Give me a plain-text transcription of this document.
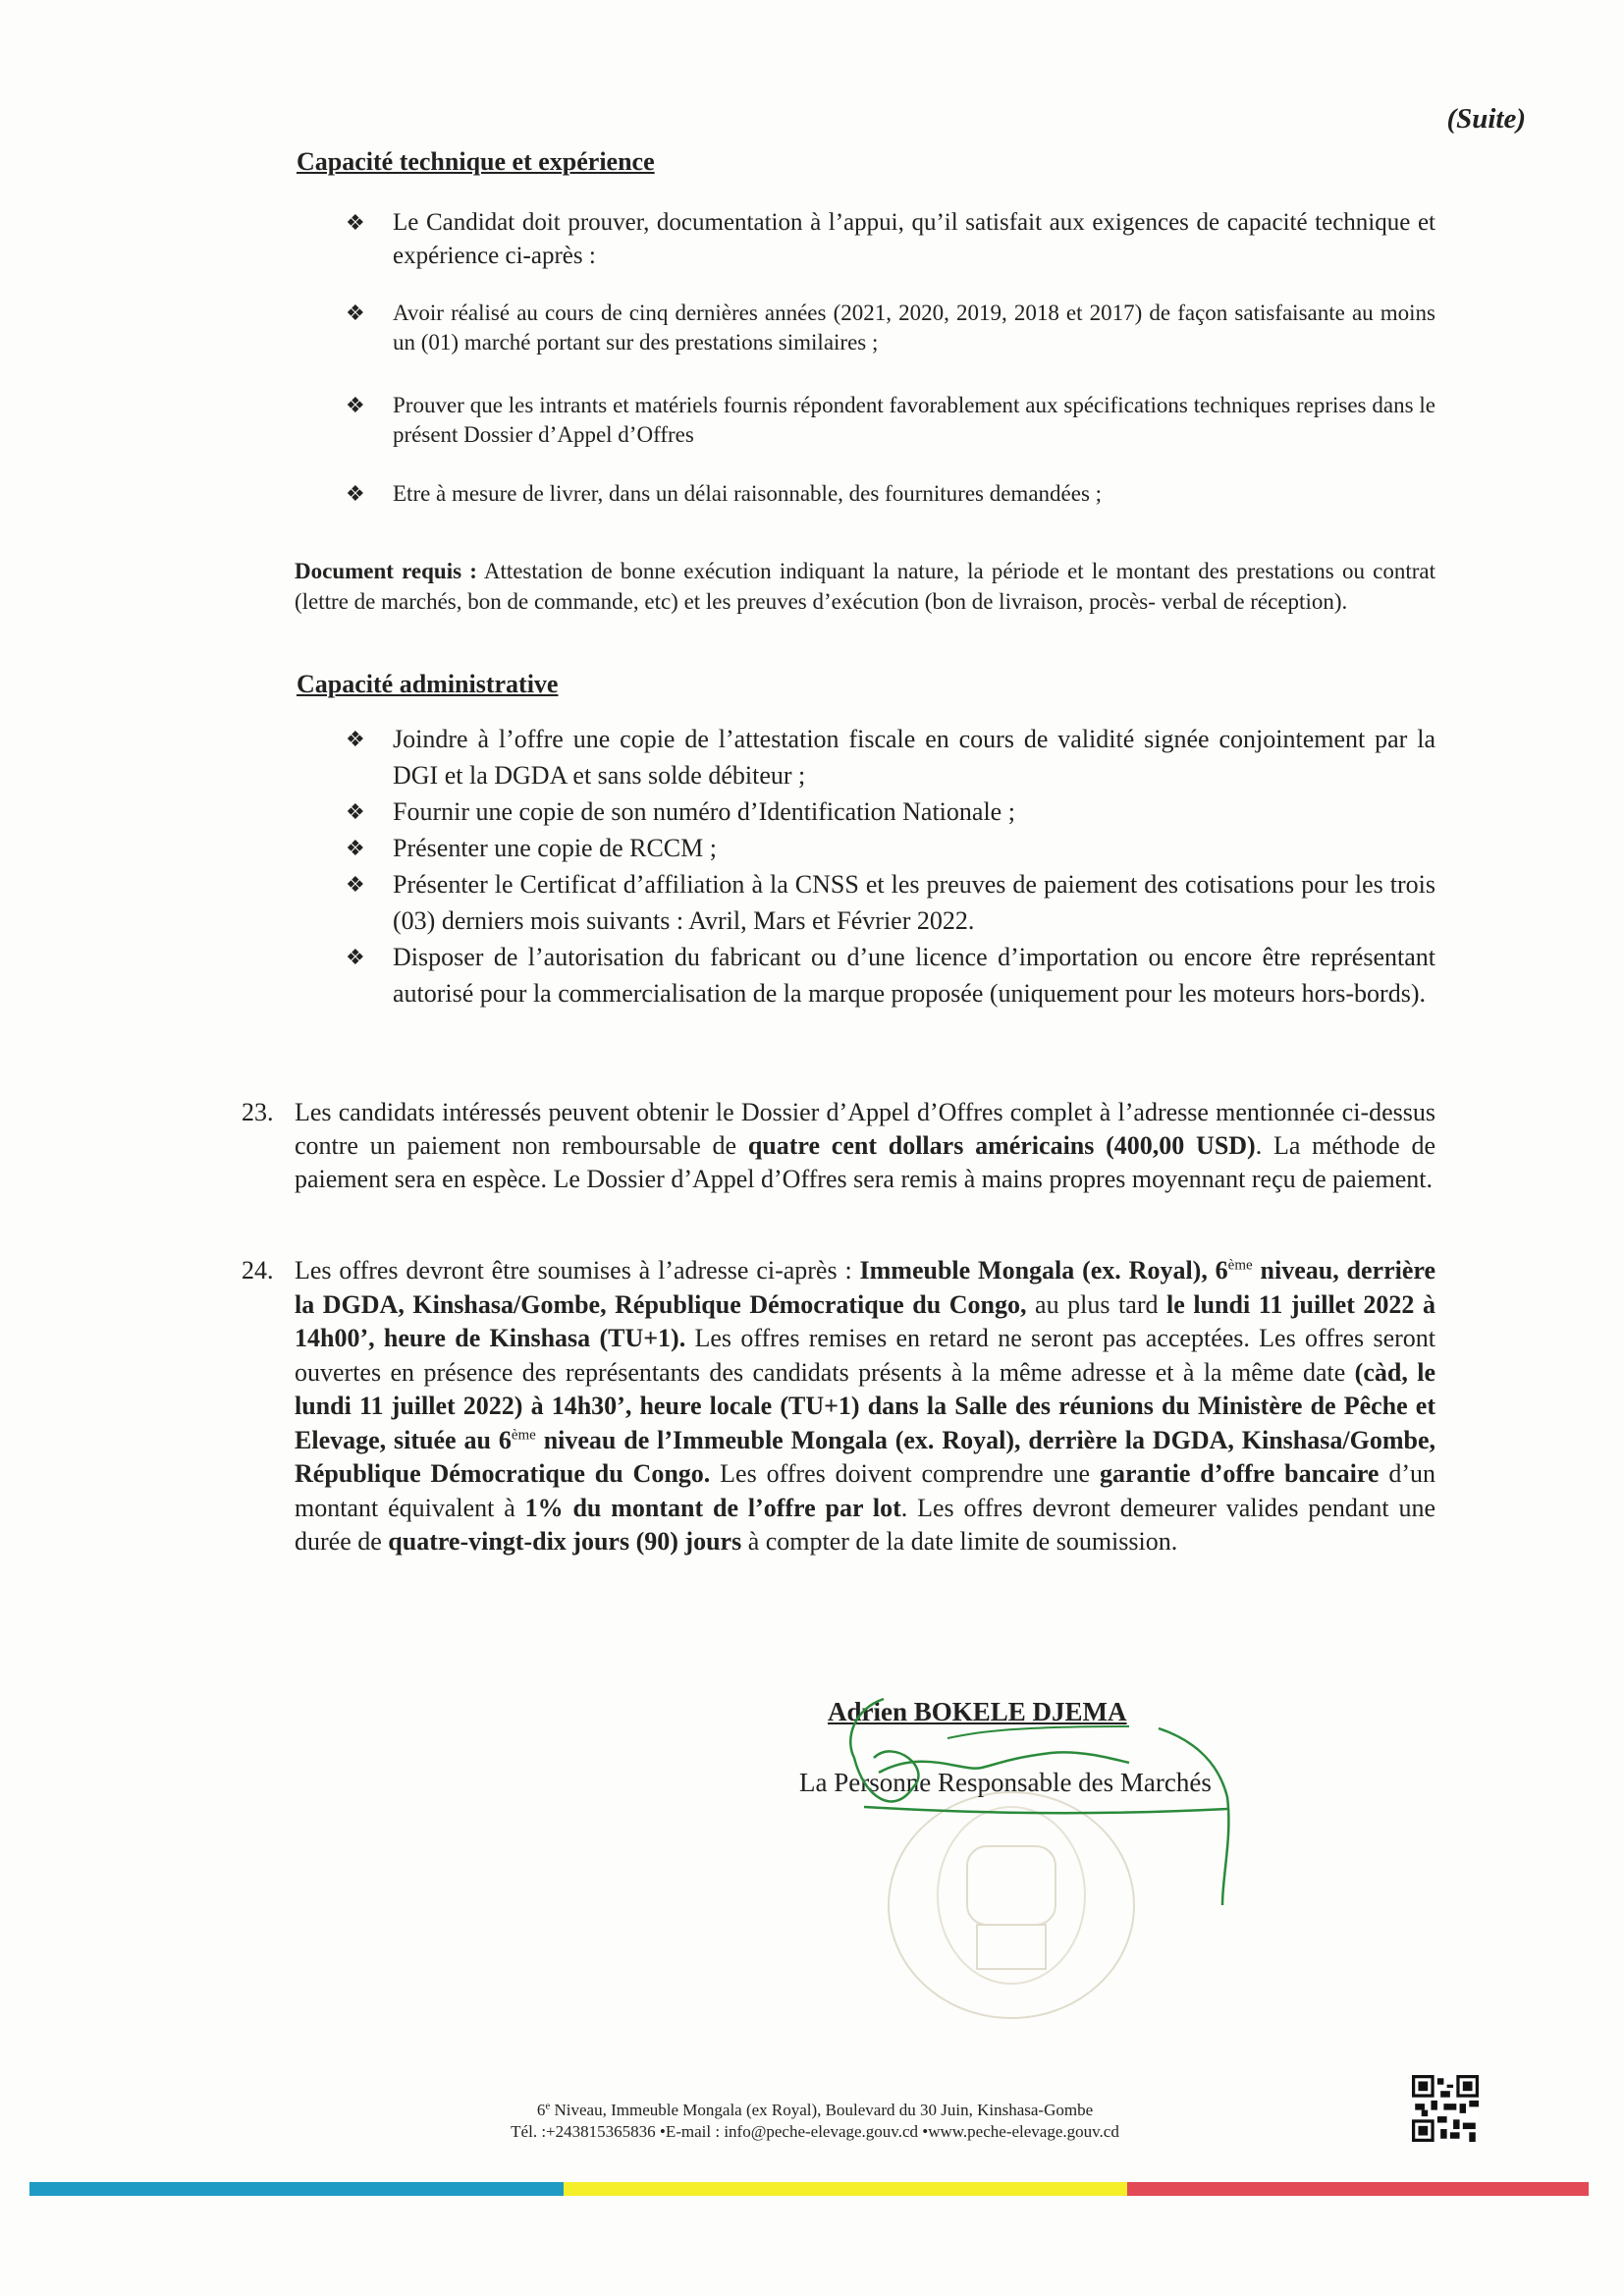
(Suite)
Capacité technique et expérience
❖ Le Candidat doit prouver, documentation à l’appui, qu’il satisfait aux exigences de capacité technique et expérience ci-après :
❖ Avoir réalisé au cours de cinq dernières années (2021, 2020, 2019, 2018 et 2017) de façon satisfaisante au moins un (01) marché portant sur des prestations similaires ;
❖ Prouver que les intrants et matériels fournis répondent favorablement aux spécifications techniques reprises dans le présent Dossier d’Appel d’Offres
❖ Etre à mesure de livrer, dans un délai raisonnable, des fournitures demandées ;
Document requis : Attestation de bonne exécution indiquant la nature, la période et le montant des prestations ou contrat (lettre de marchés, bon de commande, etc) et les preuves d’exécution (bon de livraison, procès- verbal de réception).
Capacité administrative
❖ Joindre à l’offre une copie de l’attestation fiscale en cours de validité signée conjointement par la DGI et la DGDA et sans solde débiteur ;
❖ Fournir une copie de son numéro d’Identification Nationale ;
❖ Présenter une copie de RCCM ;
❖ Présenter le Certificat d’affiliation à la CNSS et les preuves de paiement des cotisations pour les trois (03) derniers mois suivants : Avril, Mars et Février 2022.
❖ Disposer de l’autorisation du fabricant ou d’une licence d’importation ou encore être représentant autorisé pour la commercialisation de la marque proposée (uniquement pour les moteurs hors-bords).
23. Les candidats intéressés peuvent obtenir le Dossier d’Appel d’Offres complet à l’adresse mentionnée ci-dessus contre un paiement non remboursable de quatre cent dollars américains (400,00 USD). La méthode de paiement sera en espèce. Le Dossier d’Appel d’Offres sera remis à mains propres moyennant reçu de paiement.
24. Les offres devront être soumises à l’adresse ci-après : Immeuble Mongala (ex. Royal), 6ème niveau, derrière la DGDA, Kinshasa/Gombe, République Démocratique du Congo, au plus tard le lundi 11 juillet 2022 à 14h00’, heure de Kinshasa (TU+1). Les offres remises en retard ne seront pas acceptées. Les offres seront ouvertes en présence des représentants des candidats présents à la même adresse et à la même date (càd, le lundi 11 juillet 2022) à 14h30’, heure locale (TU+1) dans la Salle des réunions du Ministère de Pêche et Elevage, située au 6ème niveau de l’Immeuble Mongala (ex. Royal), derrière la DGDA, Kinshasa/Gombe, République Démocratique du Congo. Les offres doivent comprendre une garantie d’offre bancaire d’un montant équivalent à 1% du montant de l’offre par lot. Les offres devront demeurer valides pendant une durée de quatre-vingt-dix jours (90) jours à compter de la date limite de soumission.
Adrien BOKELE DJEMA
La Personne Responsable des Marchés
6e Niveau, Immeuble Mongala (ex Royal), Boulevard du 30 Juin, Kinshasa-Gombe
Tél. :+243815365836 •E-mail : info@peche-elevage.gouv.cd •www.peche-elevage.gouv.cd
